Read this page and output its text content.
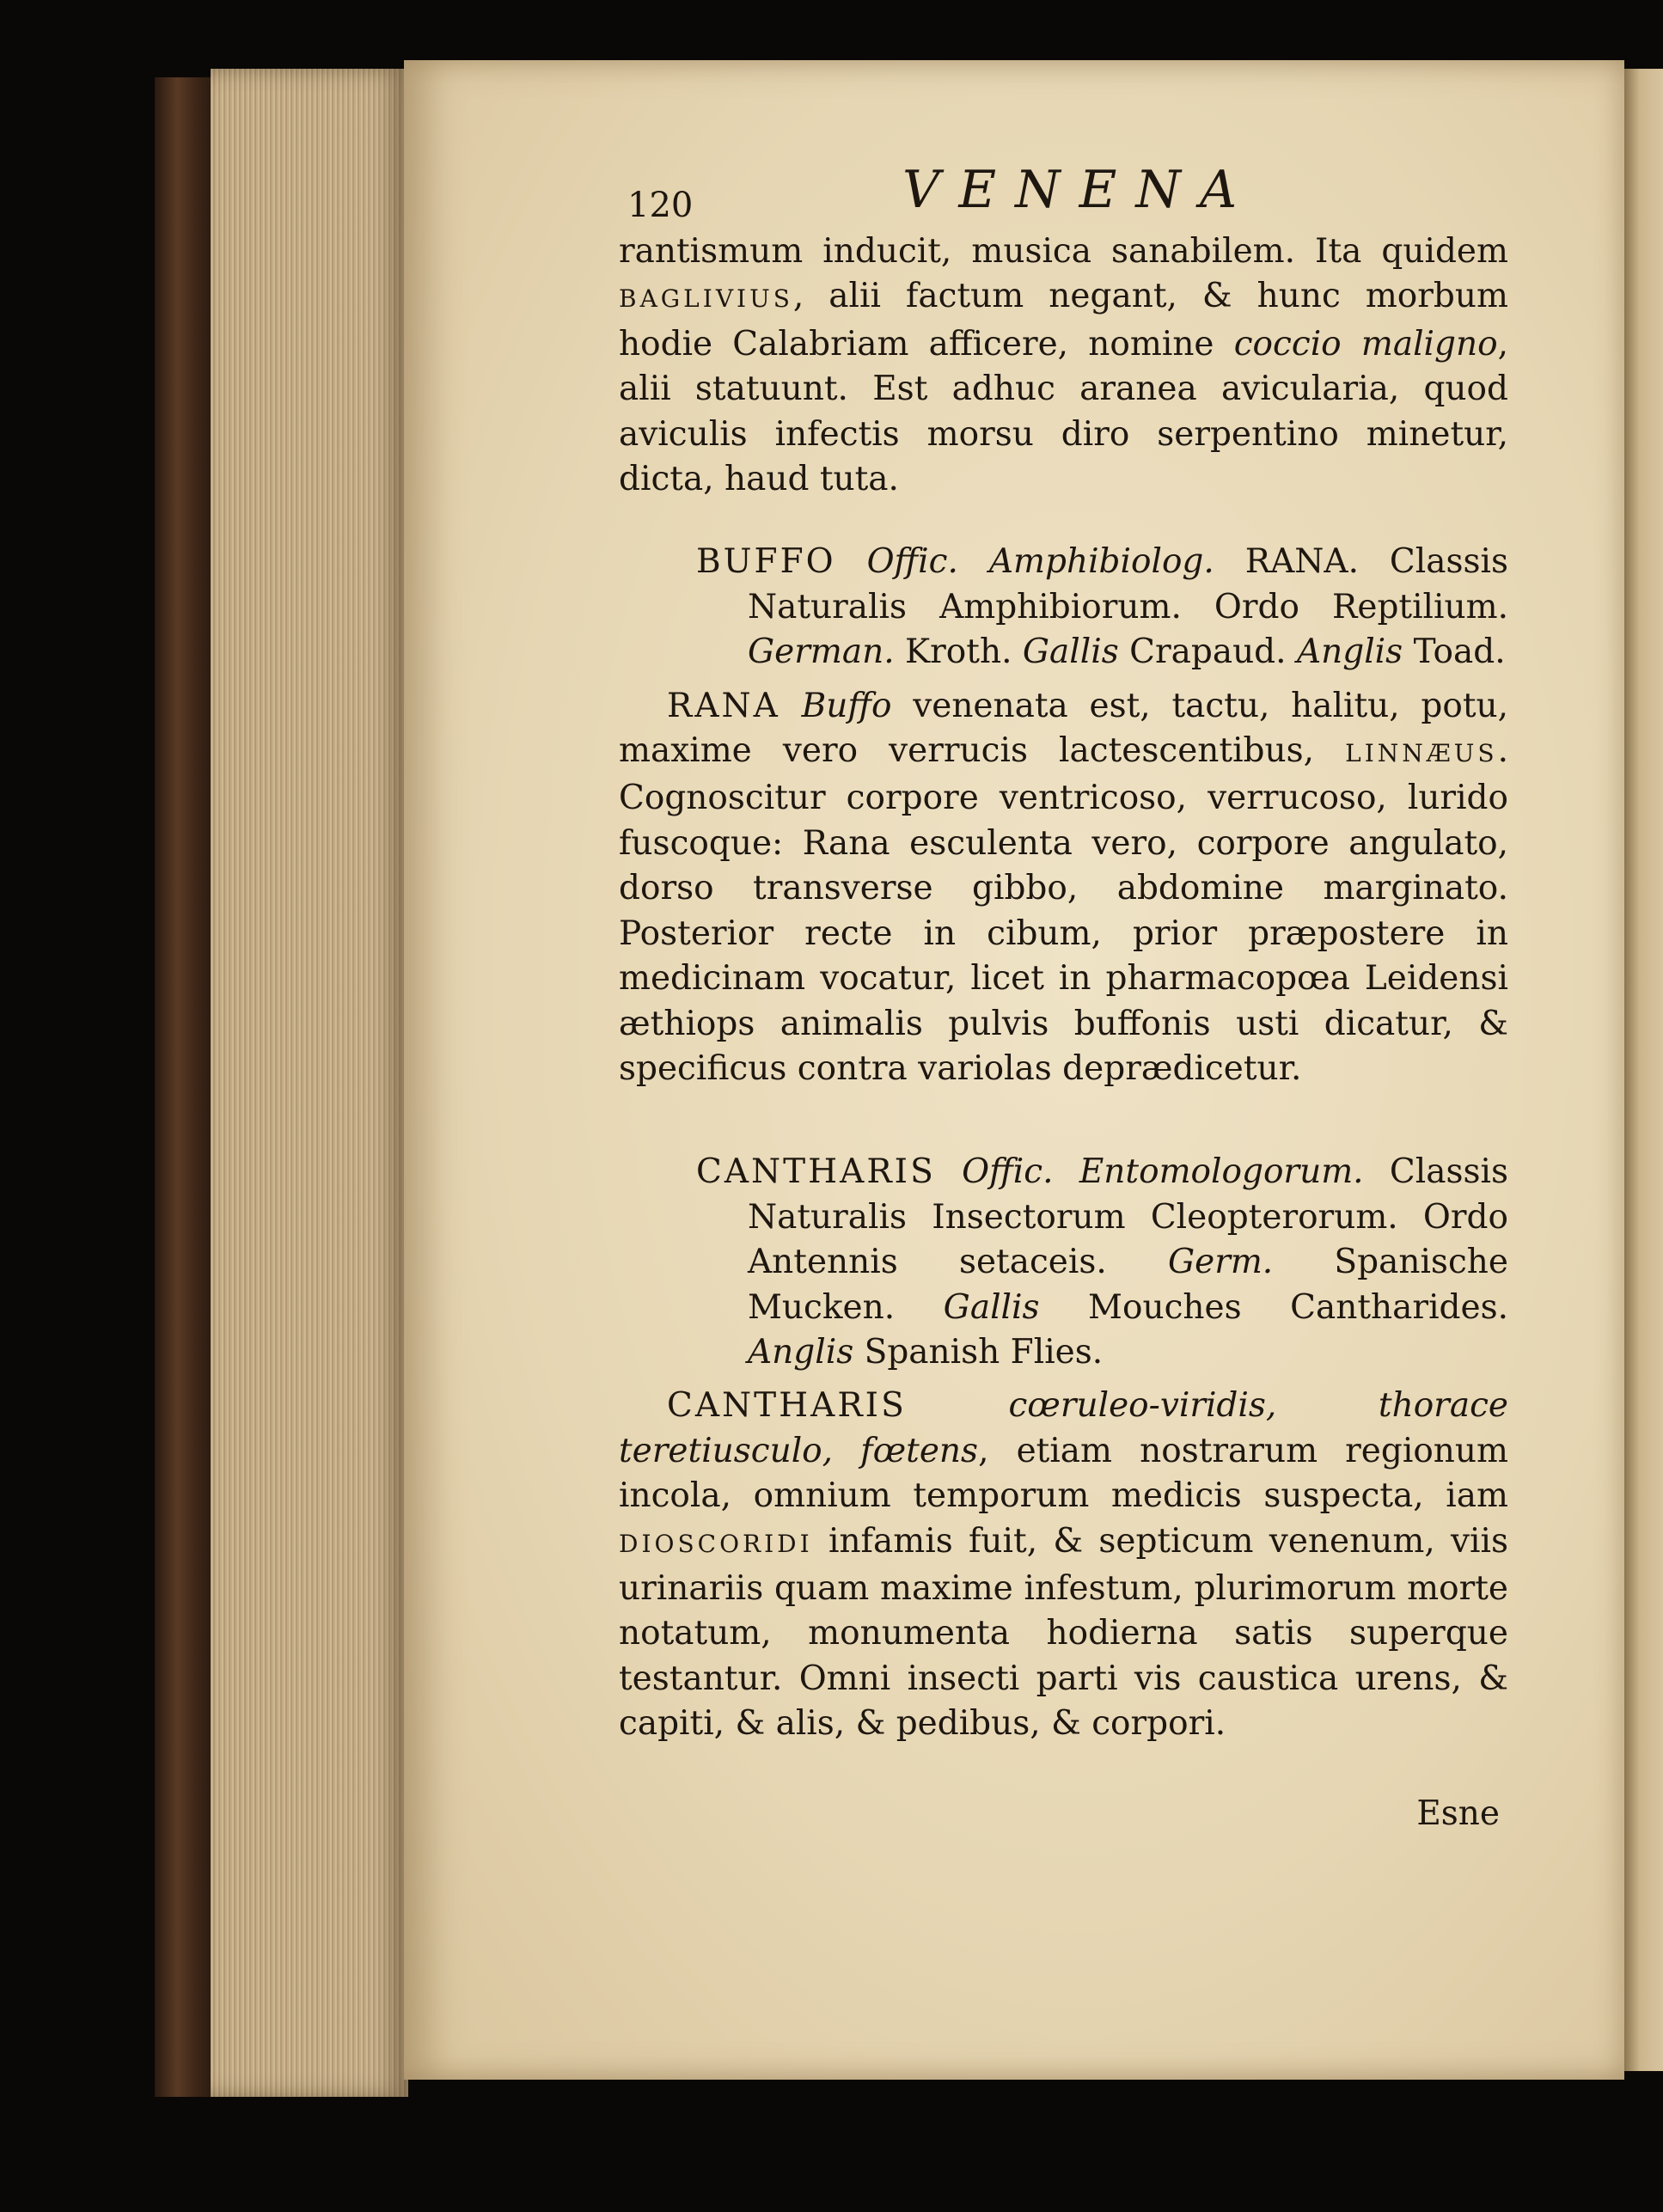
120	VENENA

rantismum inducit, musica sanabilem. Ita quidem BAGLIVIUS, alii factum negant, & hunc morbum hodie Calabriam afficere, nomine coccio maligno, alii statuunt. Est adhuc aranea avicularia, quod aviculis infectis morsu diro serpentino minetur, dicta, haud tuta.

BUFFO Offic. Amphibiolog. RANA. Classis Naturalis Amphibiorum. Ordo Reptilium. German. Kroth. Gallis Crapaud. Anglis Toad.

RANA Buffo venenata est, tactu, halitu, potu, maxime vero verrucis lactescentibus, LINNÆUS. Cognoscitur corpore ventricoso, verrucoso, lurido fuscoque: Rana esculenta vero, corpore angulato, dorso transverse gibbo, abdomine marginato. Posterior recte in cibum, prior præpostere in medicinam vocatur, licet in pharmacopœa Leidensi æthiops animalis pulvis buffonis usti dicatur, & specificus contra variolas deprædicetur.

CANTHARIS Offic. Entomologorum. Classis Naturalis Insectorum Cleopterorum. Ordo Antennis setaceis. Germ. Spanische Mucken. Gallis Mouches Cantharides. Anglis Spanish Flies.

CANTHARIS	cœruleo-viridis, thorace teretiusculo, fœtens, etiam nostrarum regionum incola, omnium temporum medicis suspecta, iam DIOSCORIDI infamis fuit, & septicum venenum, viis urinariis quam maxime infestum, plurimorum morte notatum, monumenta hodierna satis superque testantur. Omni insecti parti vis caustica urens, & capiti, & alis, & pedibus, & corpori.

Esne
